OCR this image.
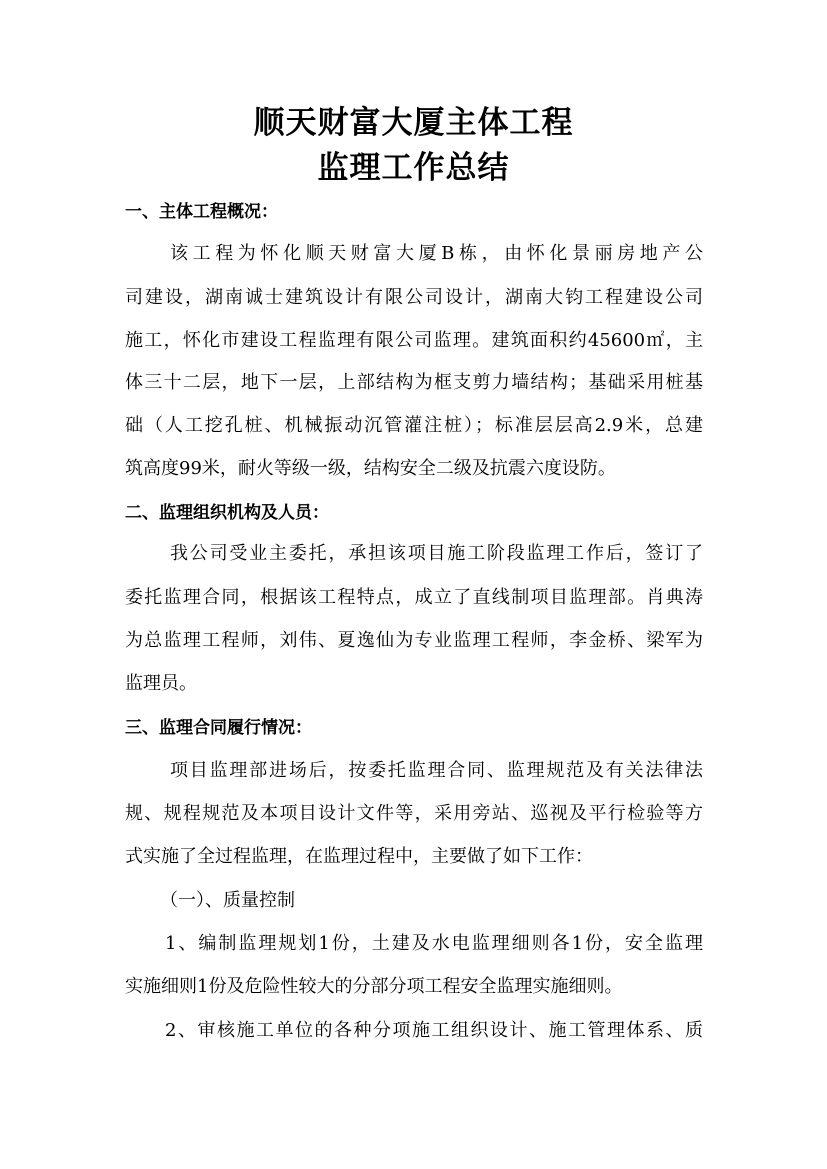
顺天财富大厦主体工程
监理工作总结
一、主体工程概况：
该工程为怀化顺天财富大厦B栋，由怀化景丽房地产公
司建设，湖南诚士建筑设计有限公司设计，湖南大钧工程建设公司
施工，怀化市建设工程监理有限公司监理。建筑面积约45600㎡，主
体三十二层，地下一层，上部结构为框支剪力墙结构；基础采用桩基
础（人工挖孔桩、机械振动沉管灌注桩）；标准层层高2.9米，总建
筑高度99米，耐火等级一级，结构安全二级及抗震六度设防。
二、监理组织机构及人员：
我公司受业主委托，承担该项目施工阶段监理工作后，签订了
委托监理合同，根据该工程特点，成立了直线制项目监理部。肖典涛
为总监理工程师，刘伟、夏逸仙为专业监理工程师，李金桥、梁军为
监理员。
三、监理合同履行情况：
项目监理部进场后，按委托监理合同、监理规范及有关法律法
规、规程规范及本项目设计文件等，采用旁站、巡视及平行检验等方
式实施了全过程监理，在监理过程中，主要做了如下工作：
（一）、质量控制
1、编制监理规划1份，土建及水电监理细则各1份，安全监理
实施细则1份及危险性较大的分部分项工程安全监理实施细则。
2、审核施工单位的各种分项施工组织设计、施工管理体系、质
